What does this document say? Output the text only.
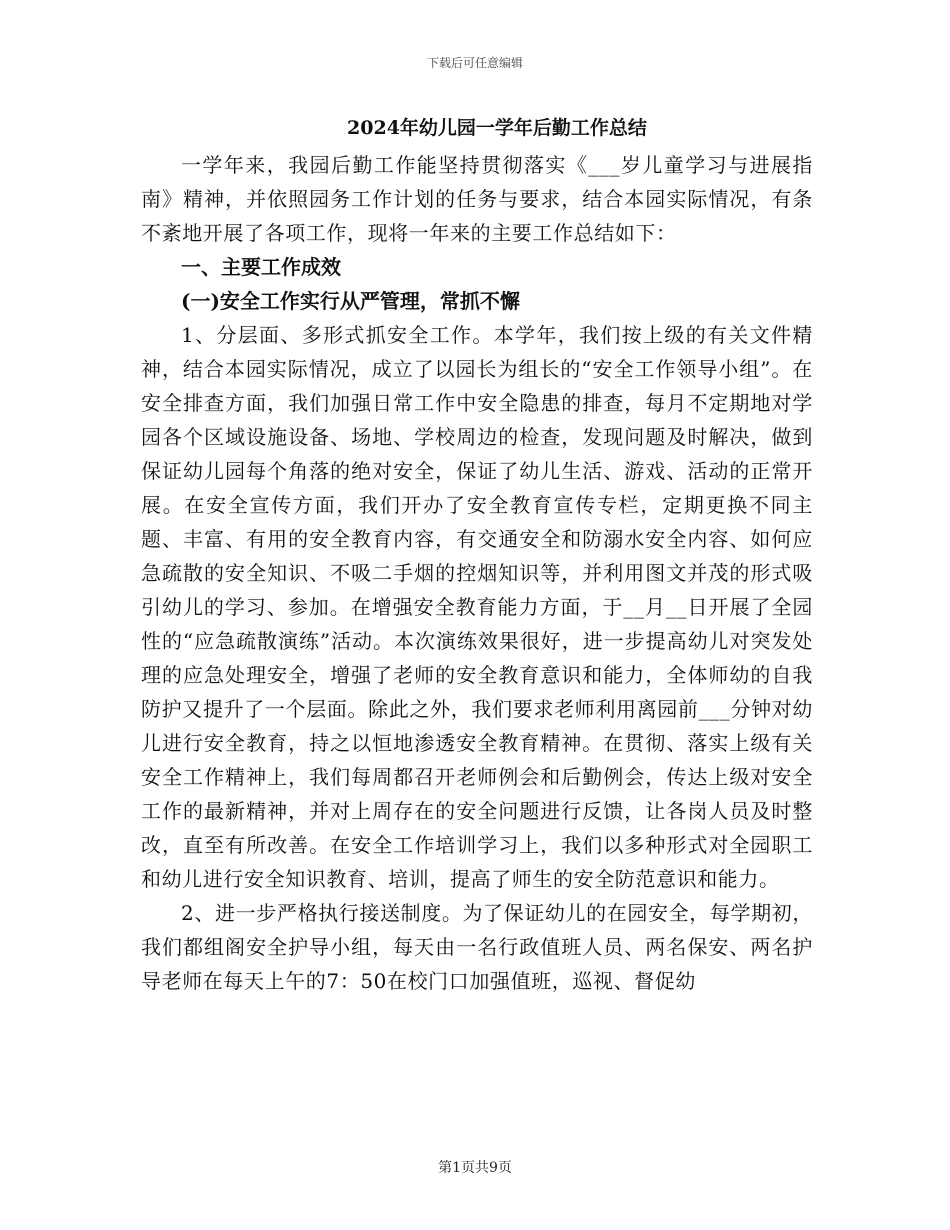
下载后可任意编辑
2024年幼儿园一学年后勤工作总结

一学年来，我园后勤工作能坚持贯彻落实《___岁儿童学习与进展指南》精神，并依照园务工作计划的任务与要求，结合本园实际情况，有条不紊地开展了各项工作，现将一年来的主要工作总结如下：

一、主要工作成效

(一)安全工作实行从严管理，常抓不懈

1、分层面、多形式抓安全工作。本学年，我们按上级的有关文件精神，结合本园实际情况，成立了以园长为组长的“安全工作领导小组”。在安全排查方面，我们加强日常工作中安全隐患的排查，每月不定期地对学园各个区域设施设备、场地、学校周边的检查，发现问题及时解决，做到保证幼儿园每个角落的绝对安全，保证了幼儿生活、游戏、活动的正常开展。在安全宣传方面，我们开办了安全教育宣传专栏，定期更换不同主题、丰富、有用的安全教育内容，有交通安全和防溺水安全内容、如何应急疏散的安全知识、不吸二手烟的控烟知识等，并利用图文并茂的形式吸引幼儿的学习、参加。在增强安全教育能力方面，于__月__日开展了全园性的“应急疏散演练”活动。本次演练效果很好，进一步提高幼儿对突发处理的应急处理安全，增强了老师的安全教育意识和能力，全体师幼的自我防护又提升了一个层面。除此之外，我们要求老师利用离园前___分钟对幼儿进行安全教育，持之以恒地渗透安全教育精神。在贯彻、落实上级有关安全工作精神上，我们每周都召开老师例会和后勤例会，传达上级对安全工作的最新精神，并对上周存在的安全问题进行反馈，让各岗人员及时整改，直至有所改善。在安全工作培训学习上，我们以多种形式对全园职工和幼儿进行安全知识教育、培训，提高了师生的安全防范意识和能力。

2、进一步严格执行接送制度。为了保证幼儿的在园安全，每学期初，我们都组阁安全护导小组，每天由一名行政值班人员、两名保安、两名护导老师在每天上午的7：50在校门口加强值班，巡视、督促幼

第1页共9页
